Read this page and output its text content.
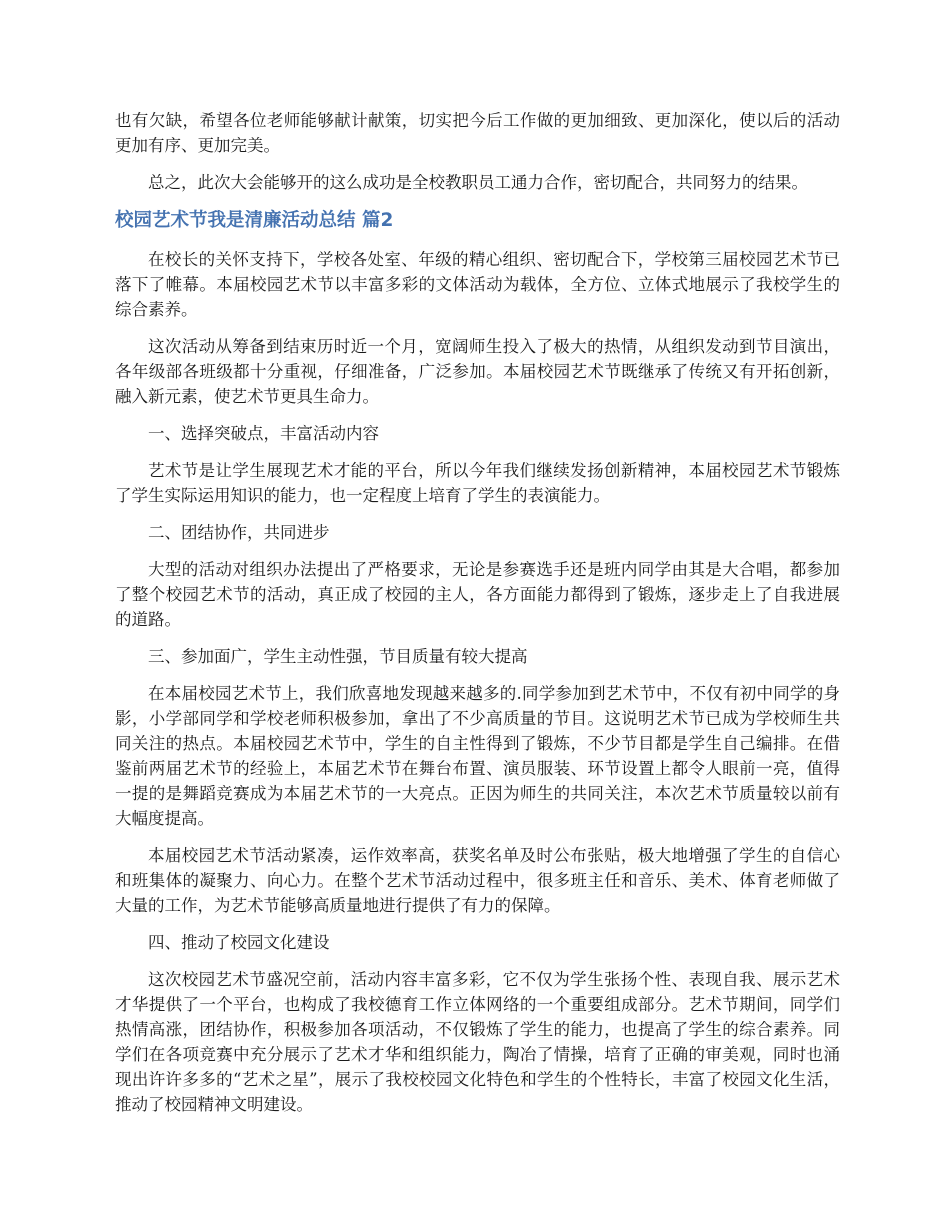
也有欠缺，希望各位老师能够献计献策，切实把今后工作做的更加细致、更加深化，使以后的活动更加有序、更加完美。

总之，此次大会能够开的这么成功是全校教职员工通力合作，密切配合，共同努力的结果。

校园艺术节我是清廉活动总结 篇2

在校长的关怀支持下，学校各处室、年级的精心组织、密切配合下，学校第三届校园艺术节已落下了帷幕。本届校园艺术节以丰富多彩的文体活动为载体，全方位、立体式地展示了我校学生的综合素养。

这次活动从筹备到结束历时近一个月，宽阔师生投入了极大的热情，从组织发动到节目演出，各年级部各班级都十分重视，仔细准备，广泛参加。本届校园艺术节既继承了传统又有开拓创新，融入新元素，使艺术节更具生命力。

一、选择突破点，丰富活动内容

艺术节是让学生展现艺术才能的平台，所以今年我们继续发扬创新精神，本届校园艺术节锻炼了学生实际运用知识的能力，也一定程度上培育了学生的表演能力。

二、团结协作，共同进步

大型的活动对组织办法提出了严格要求，无论是参赛选手还是班内同学由其是大合唱，都参加了整个校园艺术节的活动，真正成了校园的主人，各方面能力都得到了锻炼，逐步走上了自我进展的道路。

三、参加面广，学生主动性强，节目质量有较大提高

在本届校园艺术节上，我们欣喜地发现越来越多的.同学参加到艺术节中，不仅有初中同学的身影，小学部同学和学校老师积极参加，拿出了不少高质量的节目。这说明艺术节已成为学校师生共同关注的热点。本届校园艺术节中，学生的自主性得到了锻炼，不少节目都是学生自己编排。在借鉴前两届艺术节的经验上，本届艺术节在舞台布置、演员服装、环节设置上都令人眼前一亮，值得一提的是舞蹈竞赛成为本届艺术节的一大亮点。正因为师生的共同关注，本次艺术节质量较以前有大幅度提高。

本届校园艺术节活动紧凑，运作效率高，获奖名单及时公布张贴，极大地增强了学生的自信心和班集体的凝聚力、向心力。在整个艺术节活动过程中，很多班主任和音乐、美术、体育老师做了大量的工作，为艺术节能够高质量地进行提供了有力的保障。

四、推动了校园文化建设

这次校园艺术节盛况空前，活动内容丰富多彩，它不仅为学生张扬个性、表现自我、展示艺术才华提供了一个平台，也构成了我校德育工作立体网络的一个重要组成部分。艺术节期间，同学们热情高涨，团结协作，积极参加各项活动，不仅锻炼了学生的能力，也提高了学生的综合素养。同学们在各项竞赛中充分展示了艺术才华和组织能力，陶冶了情操，培育了正确的审美观，同时也涌现出许许多多的“艺术之星”，展示了我校校园文化特色和学生的个性特长，丰富了校园文化生活，推动了校园精神文明建设。
